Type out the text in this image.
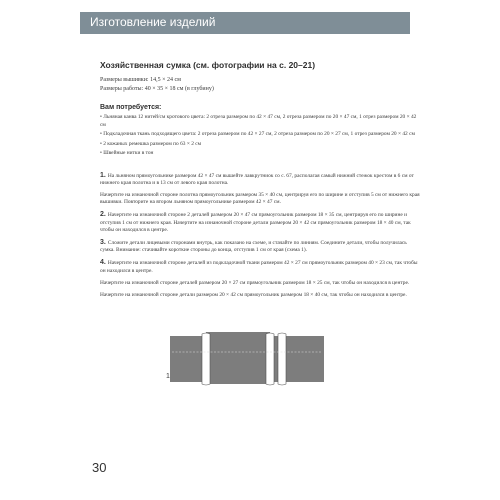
Изготовление изделий
Хозяйственная сумка (см. фотографии на с. 20–21)
Размеры вышивки: 14,5 × 24 см
Размеры работы: 40 × 35 × 18 см (в глубину)
Вам потребуется:
• Льняная канва 12 нитей/см кротового цвета: 2 отреза размером по 42 × 47 см, 2 отреза размером по 20 × 47 см, 1 отрез размером 20 × 42 см
• Подкладочная ткань подходящего цвета: 2 отреза размером по 42 × 27 см, 2 отреза размером по 20 × 27 см, 1 отрез размером 20 × 42 см
• 2 кожаных ремешка размером по 63 × 2 см
• Швейные нитки в тон

1. На льняном прямоугольнике размером 42 × 47 см вышейте лавкрутниок со с. 67, располагая самый нижний стежок крестом в 6 см от нижнего края полотна и в 13 см от левого края полотна.

Начертите на изнаночной стороне полотна прямоугольник размером 35 × 40 см, центрируя его по ширине и отступив 5 см от нижнего края вышивки. Повторите на втором льняном прямоугольнике размером 42 × 47 см.

2. Начертите на изнаночной стороне 2 деталей размером 20 × 47 см прямоугольник размером 18 × 35 см, центрируя его по ширине и отступив 1 см от нижнего края. Начертите на изнаночной стороне детали размером 20 × 42 см прямоугольник размером 18 × 40 см, так чтобы он находился в центре.

3. Сложите детали лицевыми сторонами внутрь, как показано на схеме, и стачайте по линиям. Соедините детали, чтобы получилась сумка. Внимание: стачивайте короткие стороны до конца, отступив 1 см от края (схема 1).

4. Начертите на изнаночной стороне деталей из подкладочной ткани размером 42 × 27 см прямоугольник размером 40 × 23 см, так чтобы он находился в центре.

Начертите на изнаночной стороне деталей размером 20 × 27 см прямоугольник размером 18 × 25 см, так чтобы он находился в центре.

Начертите на изнаночной стороне детали размером 20 × 42 см прямоугольник размером 18 × 40 см, так чтобы он находился в центре.

1
30
